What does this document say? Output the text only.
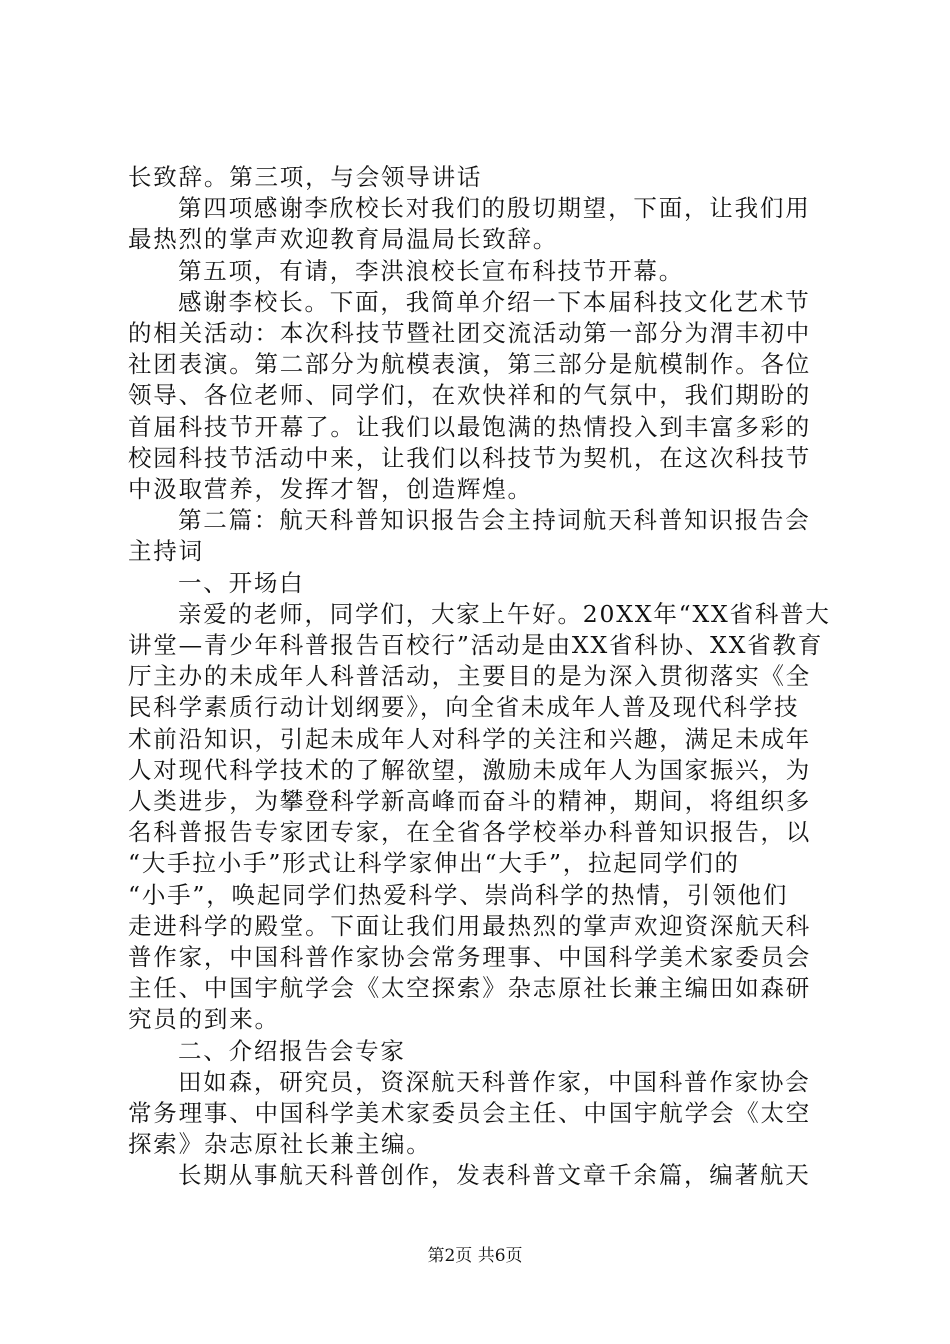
长致辞。第三项，与会领导讲话
第四项感谢李欣校长对我们的殷切期望，下面，让我们用
最热烈的掌声欢迎教育局温局长致辞。
第五项，有请，李洪浪校长宣布科技节开幕。
感谢李校长。下面，我简单介绍一下本届科技文化艺术节
的相关活动：本次科技节暨社团交流活动第一部分为渭丰初中
社团表演。第二部分为航模表演，第三部分是航模制作。各位
领导、各位老师、同学们，在欢快祥和的气氛中，我们期盼的
首届科技节开幕了。让我们以最饱满的热情投入到丰富多彩的
校园科技节活动中来，让我们以科技节为契机，在这次科技节
中汲取营养，发挥才智，创造辉煌。
第二篇：航天科普知识报告会主持词航天科普知识报告会
主持词
一、开场白
亲爱的老师，同学们，大家上午好。20XX年“XX省科普大
讲堂—青少年科普报告百校行”活动是由XX省科协、XX省教育
厅主办的未成年人科普活动，主要目的是为深入贯彻落实《全
民科学素质行动计划纲要》，向全省未成年人普及现代科学技
术前沿知识，引起未成年人对科学的关注和兴趣，满足未成年
人对现代科学技术的了解欲望，激励未成年人为国家振兴，为
人类进步，为攀登科学新高峰而奋斗的精神，期间，将组织多
名科普报告专家团专家，在全省各学校举办科普知识报告，以
“大手拉小手”形式让科学家伸出“大手”，拉起同学们的
“小手”，唤起同学们热爱科学、崇尚科学的热情，引领他们
走进科学的殿堂。下面让我们用最热烈的掌声欢迎资深航天科
普作家，中国科普作家协会常务理事、中国科学美术家委员会
主任、中国宇航学会《太空探索》杂志原社长兼主编田如森研
究员的到来。
二、介绍报告会专家
田如森，研究员，资深航天科普作家，中国科普作家协会
常务理事、中国科学美术家委员会主任、中国宇航学会《太空
探索》杂志原社长兼主编。
长期从事航天科普创作，发表科普文章千余篇，编著航天
第2页 共6页
